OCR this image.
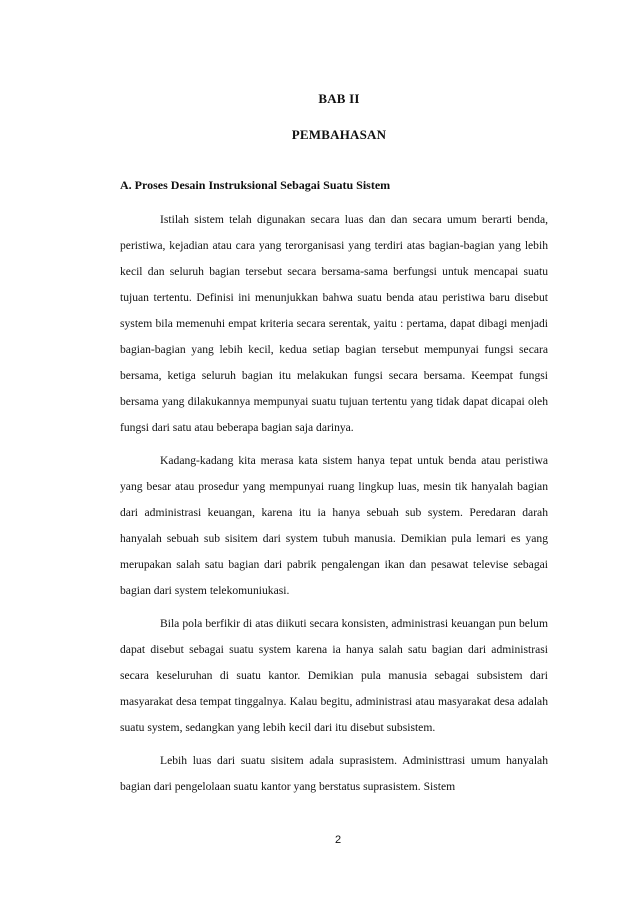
BAB II
PEMBAHASAN
A. Proses Desain Instruksional Sebagai Suatu Sistem

Istilah sistem telah digunakan secara luas dan dan secara umum berarti benda, peristiwa, kejadian atau cara yang terorganisasi yang terdiri atas bagian-bagian yang lebih kecil dan seluruh bagian tersebut secara bersama-sama berfungsi untuk mencapai suatu tujuan tertentu. Definisi ini menunjukkan bahwa suatu benda atau peristiwa baru disebut system bila memenuhi empat kriteria secara serentak, yaitu : pertama, dapat dibagi menjadi bagian-bagian yang lebih kecil, kedua setiap bagian tersebut mempunyai fungsi secara bersama, ketiga seluruh bagian itu melakukan fungsi secara bersama. Keempat fungsi bersama yang dilakukannya mempunyai suatu tujuan tertentu yang tidak dapat dicapai oleh fungsi dari satu atau beberapa bagian saja darinya.

Kadang-kadang kita merasa kata sistem hanya tepat untuk benda atau peristiwa yang besar atau prosedur yang mempunyai ruang lingkup luas, mesin tik hanyalah bagian dari administrasi keuangan, karena itu ia hanya sebuah sub system. Peredaran darah hanyalah sebuah sub sisitem dari system tubuh manusia. Demikian pula lemari es yang merupakan salah satu bagian dari pabrik pengalengan ikan dan pesawat televise sebagai bagian dari system telekomuniukasi.

Bila pola berfikir di atas diikuti secara konsisten, administrasi keuangan pun belum dapat disebut sebagai suatu system karena ia hanya salah satu bagian dari administrasi secara keseluruhan di suatu kantor. Demikian pula manusia sebagai subsistem dari masyarakat desa tempat tinggalnya. Kalau begitu, administrasi atau masyarakat desa adalah suatu system, sedangkan yang lebih kecil dari itu disebut subsistem.

Lebih luas dari suatu sisitem adala suprasistem. Administtrasi umum hanyalah bagian dari pengelolaan suatu kantor yang berstatus suprasistem. Sistem

2
